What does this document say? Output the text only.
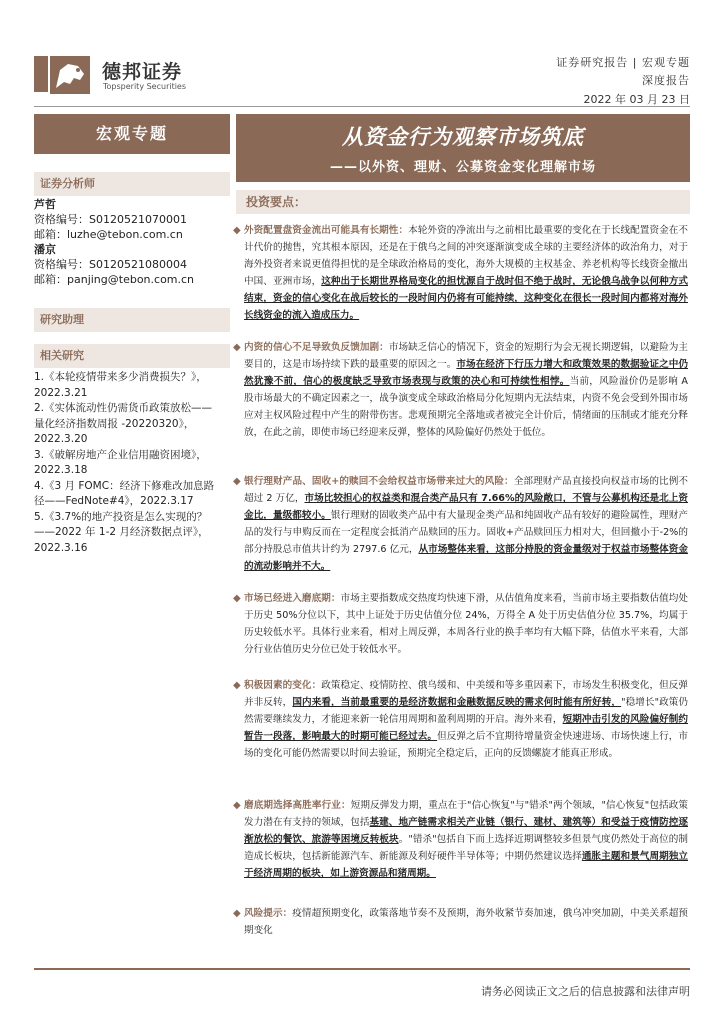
德邦证券
Topsperity Securities
证券研究报告 | 宏观专题
深度报告
2022 年 03 月 23 日
宏观专题
证券分析师
芦哲
资格编号：S0120521070001
邮箱：luzhe@tebon.com.cn
潘京
资格编号：S0120521080004
邮箱：panjing@tebon.com.cn
研究助理
相关研究
1.《本轮疫情带来多少消费损失？》，
2022.3.21
2.《实体流动性仍需货币政策放松——
量化经济指数周报 -20220320》，
2022.3.20
3.《破解房地产企业信用融资困境》，
2022.3.18
4.《3 月 FOMC：经济下修难改加息路
径——FedNote#4》，2022.3.17
5.《3.7%的地产投资是怎么实现的？
——2022 年 1-2 月经济数据点评》，
2022.3.16
从资金行为观察市场筑底
——以外资、理财、公募资金变化理解市场
投资要点：
◆ 外资配置盘资金流出可能具有长期性：本轮外资的净流出与之前相比最重要的变化在于长线配置资金在不计代价的抛售，究其根本原因，还是在于俄乌之间的冲突逐渐演变成全球的主要经济体的政治角力，对于海外投资者来说更值得担忧的是全球政治格局的变化，海外大规模的主权基金、养老机构等长线资金撤出中国、亚洲市场，这种出于长期世界格局变化的担忧源自于战时但不绝于战时，无论俄乌战争以何种方式结束，资金的信心变化在战后较长的一段时间内仍将有可能持续，这种变化在很长一段时间内都将对海外长线资金的流入造成压力。
◆ 内资的信心不足导致负反馈加剧：市场缺乏信心的情况下，资金的短期行为会无视长期逻辑，以避险为主要目的，这是市场持续下跌的最重要的原因之一。市场在经济下行压力增大和政策效果的数据验证之中仍然犹豫不前，信心的极度缺乏导致市场表现与政策的决心和可持续性相悖。当前，风险溢价仍是影响 A 股市场最大的不确定因素之一，战争演变成全球政治格局分化短期内无法结束，内资不免会受到外围市场应对主权风险过程中产生的附带伤害。悲观预期完全落地或者被完全计价后，情绪面的压制或才能充分释放，在此之前，即使市场已经迎来反弹，整体的风险偏好仍然处于低位。
◆ 银行理财产品、固收+的赎回不会给权益市场带来过大的风险：全部理财产品直接投向权益市场的比例不超过 2 万亿，市场比较担心的权益类和混合类产品只有 7.66%的风险敞口，不管与公募机构还是北上资金比，量级都较小。银行理财的固收类产品中有大量现金类产品和纯固收产品有较好的避险属性，理财产品的发行与申购反而在一定程度会抵消产品赎回的压力。固收+产品赎回压力相对大，但回撤小于-2%的部分持股总市值共计约为 2797.6 亿元，从市场整体来看，这部分持股的资金量级对于权益市场整体资金的流动影响并不大。
◆ 市场已经进入磨底期：市场主要指数成交热度均快速下滑，从估值角度来看，当前市场主要指数估值均处于历史 50%分位以下，其中上证处于历史估值分位 24%，万得全 A 处于历史估值分位 35.7%，均属于历史较低水平。具体行业来看，相对上周反弹，本周各行业的换手率均有大幅下降，估值水平来看，大部分行业估值历史分位已处于较低水平。
◆ 积极因素的变化：政策稳定、疫情防控、俄乌缓和、中美缓和等多重因素下，市场发生积极变化，但反弹并非反转，国内来看，当前最重要的是经济数据和金融数据反映的需求何时能有所好转，"稳增长"政策仍然需要继续发力，才能迎来新一轮信用周期和盈利周期的开启。海外来看，短期冲击引发的风险偏好制约暂告一段落，影响最大的时期可能已经过去。但反弹之后不宜期待增量资金快速进场、市场快速上行，市场的变化可能仍然需要以时间去验证，预期完全稳定后，正向的反馈螺旋才能真正形成。
◆ 磨底期选择高胜率行业：短期反弹发力期，重点在于"信心恢复"与"错杀"两个领域，"信心恢复"包括政策发力潜在有支持的领域，包括基建、地产链需求相关产业链（银行、建材、建筑等）和受益于疫情防控逐渐放松的餐饮、旅游等困境反转板块。"错杀"包括自下而上选择近期调整较多但景气度仍然处于高位的制造成长板块，包括新能源汽车、新能源及利好硬件半导体等；中期仍然建议选择通胀主题和景气周期独立于经济周期的板块，如上游资源品和猪周期。
◆ 风险提示：疫情超预期变化，政策落地节奏不及预期，海外收紧节奏加速，俄乌冲突加剧，中美关系超预期变化
请务必阅读正文之后的信息披露和法律声明
